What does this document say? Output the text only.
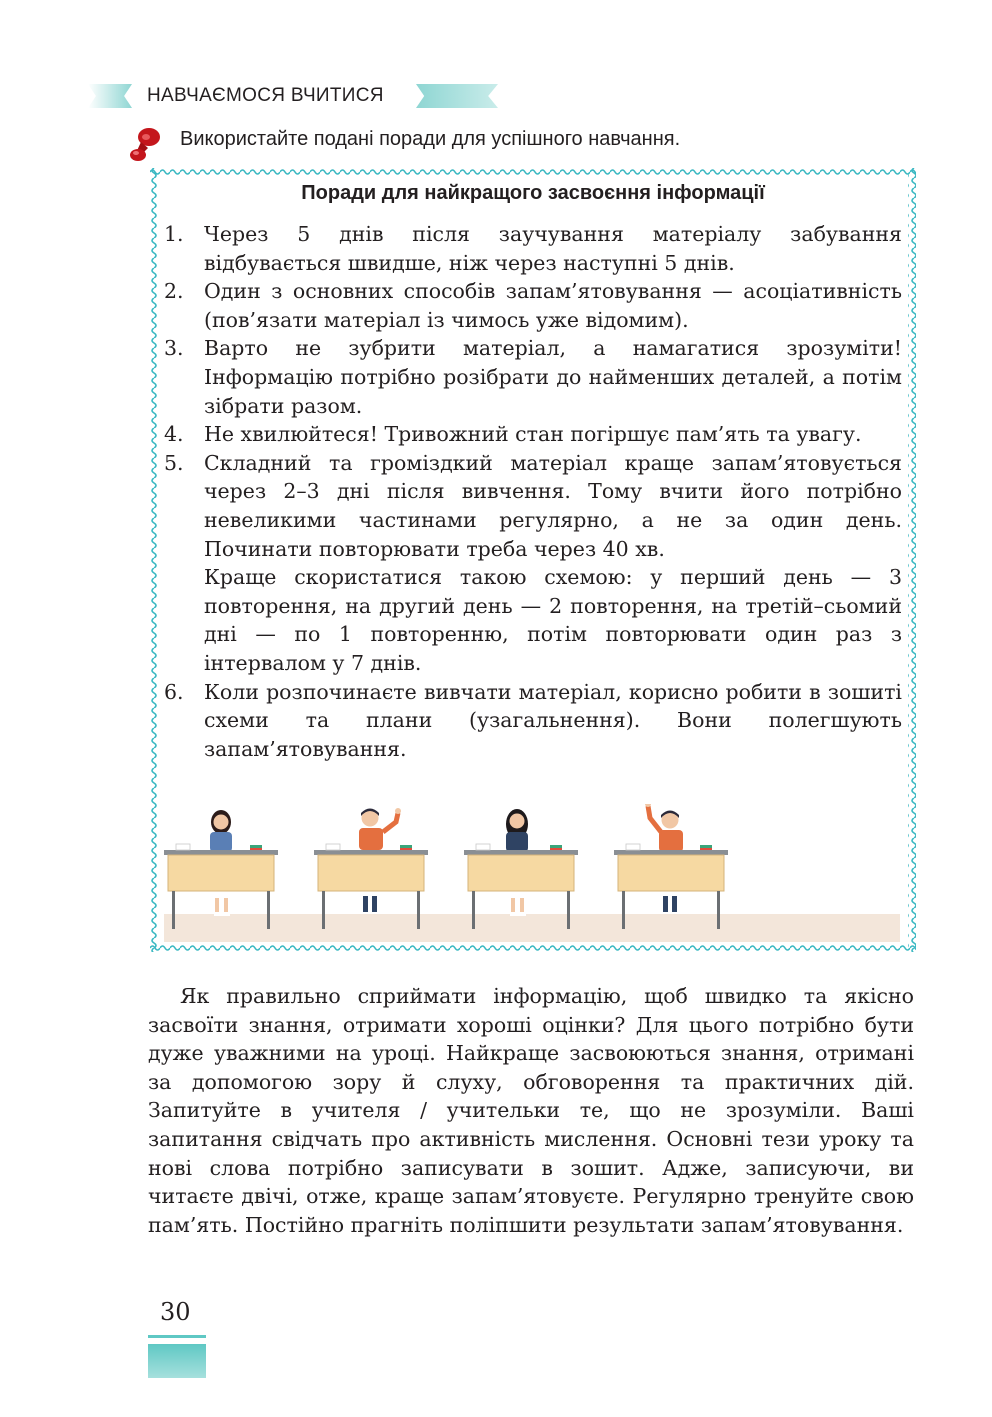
НАВЧАЄМОСЯ ВЧИТИСЯ
Використайте подані поради для успішного навчання.
Поради для найкращого засвоєння інформації
1. Через 5 днів після заучування матеріалу забування відбувається швидше, ніж через наступні 5 днів.

2. Один з основних способів запам’ятовування — асоціативність (пов’язати матеріал із чимось уже відомим).

3. Варто не зубрити матеріал, а намагатися зрозуміти! Інформацію потрібно розібрати до найменших деталей, а потім зібрати разом.

4. Не хвилюйтеся! Тривожний стан погіршує пам’ять та увагу.

5. Складний та громіздкий матеріал краще запам’ятовується через 2–3 дні після вивчення. Тому вчити його потрібно невеликими частинами регулярно, а не за один день. Починати повторювати треба через 40 хв.

Краще скористатися такою схемою: у перший день — 3 повторення, на другий день — 2 повторення, на третій–сьомий дні — по 1 повторенню, потім повторювати один раз з інтервалом у 7 днів.

6. Коли розпочинаєте вивчати матеріал, корисно робити в зошиті схеми та плани (узагальнення). Вони полегшують запам’ятовування.

Як правильно сприймати інформацію, щоб швидко та якісно засвоїти знання, отримати хороші оцінки? Для цього потрібно бути дуже уважними на уроці. Найкраще засвоюються знання, отримані за допомогою зору й слуху, обговорення та практичних дій. Запитуйте в учителя / учительки те, що не зрозуміли. Ваші запитання свідчать про активність мислення. Основні тези уроку та нові слова потрібно записувати в зошит. Адже, записуючи, ви читаєте двічі, отже, краще запам’ятовуєте. Регулярно тренуйте свою пам’ять. Постійно прагніть поліпшити результати запам’ятовування.
30
